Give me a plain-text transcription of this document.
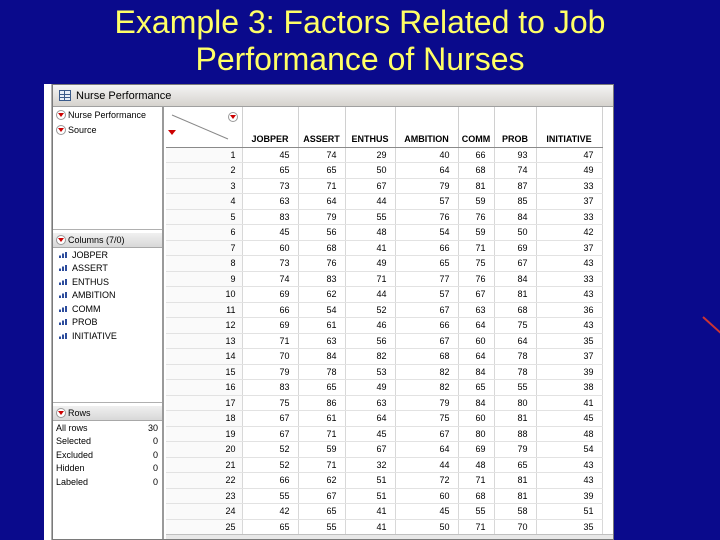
Example 3: Factors Related to Job
Performance of Nurses
Nurse Performance
Nurse Performance
Source
Columns (7/0)
JOBPER
ASSERT
ENTHUS
AMBITION
COMM
PROB
INITIATIVE
Rows
All rows	30
Selected	0
Excluded	0
Hidden	0
Labeled	0
	JOBPER	ASSERT	ENTHUS	AMBITION	COMM	PROB	INITIATIVE
1	45	74	29	40	66	93	47
2	65	65	50	64	68	74	49
3	73	71	67	79	81	87	33
4	63	64	44	57	59	85	37
5	83	79	55	76	76	84	33
6	45	56	48	54	59	50	42
7	60	68	41	66	71	69	37
8	73	76	49	65	75	67	43
9	74	83	71	77	76	84	33
10	69	62	44	57	67	81	43
11	66	54	52	67	63	68	36
12	69	61	46	66	64	75	43
13	71	63	56	67	60	64	35
14	70	84	82	68	64	78	37
15	79	78	53	82	84	78	39
16	83	65	49	82	65	55	38
17	75	86	63	79	84	80	41
18	67	61	64	75	60	81	45
19	67	71	45	67	80	88	48
20	52	59	67	64	69	79	54
21	52	71	32	44	48	65	43
22	66	62	51	72	71	81	43
23	55	67	51	60	68	81	39
24	42	65	41	45	55	58	51
25	65	55	41	50	71	70	35
